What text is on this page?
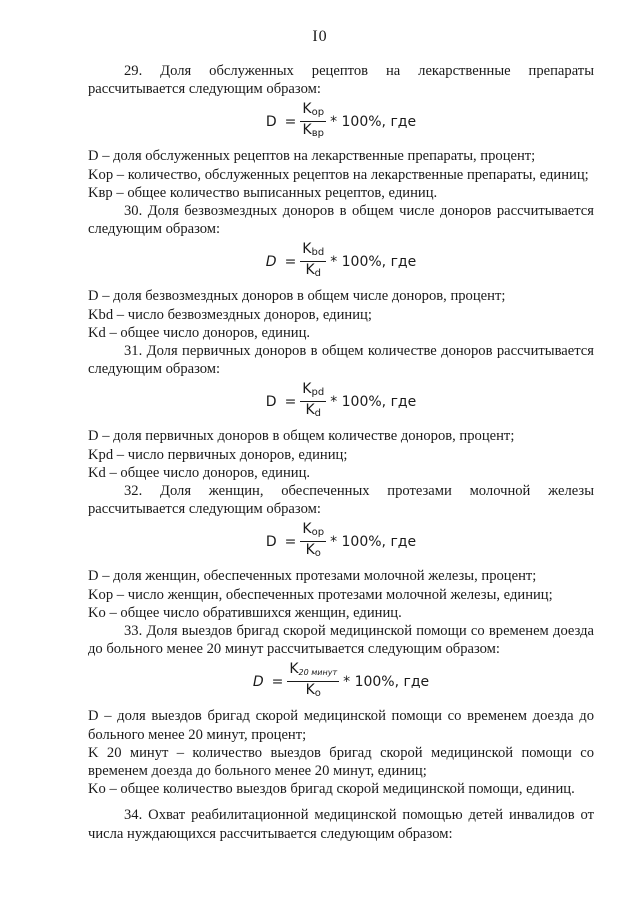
I0

29. Доля обслуженных рецептов на лекарственные препараты рассчитывается следующим образом:

$D = \frac{K_{op}}{K_{вр}} * 100\%$, где

D – доля обслуженных рецептов на лекарственные препараты, процент;

Kop – количество, обслуженных рецептов на лекарственные препараты, единиц;

Kвр – общее количество выписанных рецептов, единиц.

30. Доля безвозмездных доноров в общем числе доноров рассчитывается следующим образом:

$D = \frac{K_{bd}}{K_d} * 100\%$, где

D – доля безвозмездных доноров в общем числе доноров, процент;

Kbd – число безвозмездных доноров, единиц;

Kd – общее число доноров, единиц.

31. Доля первичных доноров в общем количестве доноров рассчитывается следующим образом:

$D = \frac{K_{pd}}{K_d} * 100\%$, где

D – доля первичных доноров в общем количестве доноров, процент;

Kpd – число первичных доноров, единиц;

Kd – общее число доноров, единиц.

32. Доля женщин, обеспеченных протезами молочной железы рассчитывается следующим образом:

$D = \frac{K_{op}}{K_o} * 100\%$, где

D – доля женщин, обеспеченных протезами молочной железы, процент;

Kop – число женщин, обеспеченных протезами молочной железы, единиц;

Ko – общее число обратившихся женщин, единиц.

33. Доля выездов бригад скорой медицинской помощи со временем доезда до больного менее 20 минут рассчитывается следующим образом:

$D = \frac{K_{20 минут}}{K_o} * 100\%$, где

D – доля выездов бригад скорой медицинской помощи со временем доезда до больного менее 20 минут, процент;

K 20 минут – количество выездов бригад скорой медицинской помощи со временем доезда до больного менее 20 минут, единиц;

Ko – общее количество выездов бригад скорой медицинской помощи, единиц.

34. Охват реабилитационной медицинской помощью детей инвалидов от числа нуждающихся рассчитывается следующим образом:
